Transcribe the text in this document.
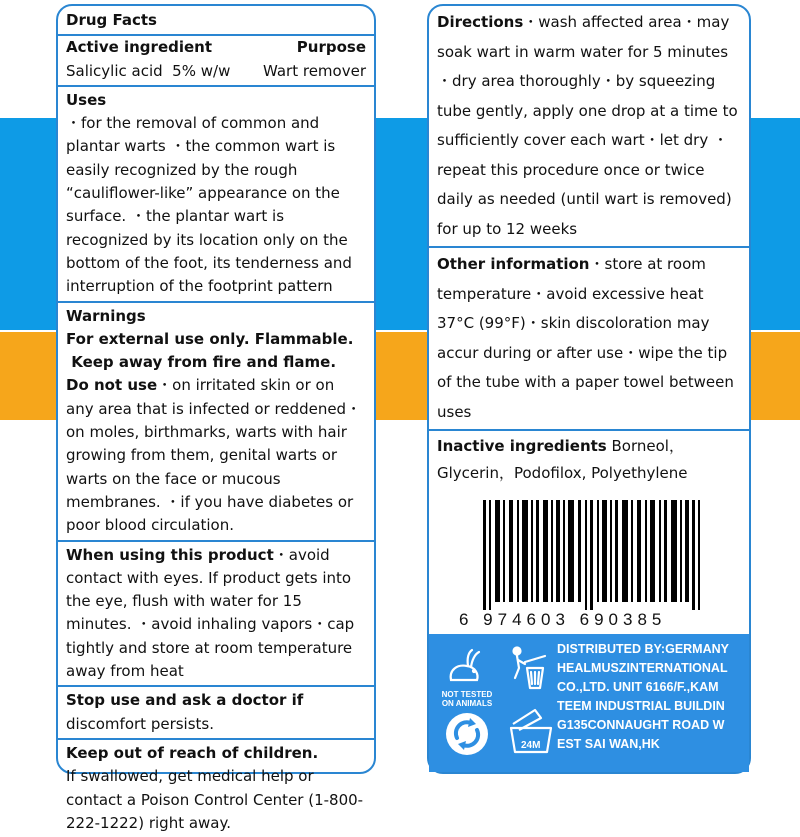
Drug Facts
Active ingredient	Purpose
Salicylic acid  5% w/w Wart remover
Uses
・for the removal of common and plantar warts ・the common wart is easily recognized by the rough “cauliflower-like” appearance on the surface. ・the plantar wart is recognized by its location only on the bottom of the foot, its tenderness and interruption of the footprint pattern
Warnings
For external use only. Flammable.
Keep away from fire and flame.
Do not use・on irritated skin or on any area that is infected or reddened・on moles, birthmarks, warts with hair growing from them, genital warts or warts on the face or mucous membranes. ・if you have diabetes or poor blood circulation.
When using this product・avoid contact with eyes. If product gets into the eye, flush with water for 15 minutes. ・avoid inhaling vapors・cap tightly and store at room temperature away from heat
Stop use and ask a doctor if
discomfort persists.
Keep out of reach of children.
If swallowed, get medical help or contact a Poison Control Center (1-800-222-1222) right away.
Directions・wash affected area・may soak wart in warm water for 5 minutes ・dry area thoroughly・by squeezing tube gently, apply one drop at a time to sufficiently cover each wart・let dry ・repeat this procedure once or twice daily as needed (until wart is removed) for up to 12 weeks
Other information・store at room temperature・avoid excessive heat 37°C (99°F)・skin discoloration may accur during or after use・wipe the tip of the tube with a paper towel between uses
Inactive ingredients Borneol，Glycerin，Podofilox, Polyethylene
6 974603 690385
NOT TESTED
ON ANIMALS
24M
DISTRIBUTED BY:GERMANY HEALMUSZINTERNATIONAL CO.,LTD. UNIT 6166/F.,KAM TEEM INDUSTRIAL BUILDIN G135CONNAUGHT ROAD W EST SAI WAN,HK
